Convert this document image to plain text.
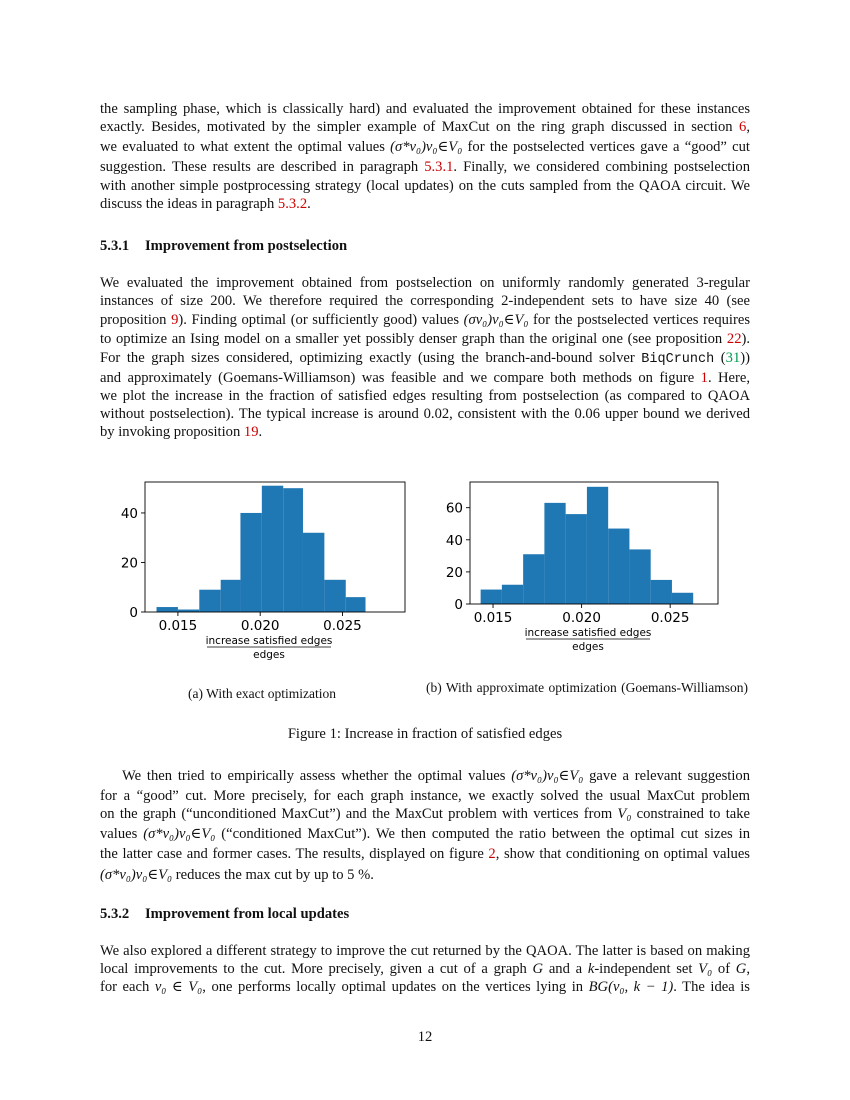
the sampling phase, which is classically hard) and evaluated the improvement obtained for these instances
exactly. Besides, motivated by the simpler example of MaxCut on the ring graph discussed in section 6,
we evaluated to what extent the optimal values (σ*v₀)v₀∈V₀ for the postselected vertices gave a “good” cut
suggestion. These results are described in paragraph 5.3.1. Finally, we considered combining postselection
with another simple postprocessing strategy (local updates) on the cuts sampled from the QAOA circuit. We
discuss the ideas in paragraph 5.3.2.
5.3.1 Improvement from postselection
We evaluated the improvement obtained from postselection on uniformly randomly generated 3-regular
instances of size 200. We therefore required the corresponding 2-independent sets to have size 40 (see
proposition 9). Finding optimal (or sufficiently good) values (σv₀)v₀∈V₀ for the postselected vertices requires
to optimize an Ising model on a smaller yet possibly denser graph than the original one (see proposition 22).
For the graph sizes considered, optimizing exactly (using the branch-and-bound solver BiqCrunch (31))
and approximately (Goemans-Williamson) was feasible and we compare both methods on figure 1. Here,
we plot the increase in the fraction of satisfied edges resulting from postselection (as compared to QAOA
without postselection). The typical increase is around 0.02, consistent with the 0.06 upper bound we derived
by invoking proposition 19.
0
20
40
0.015	0.020	0.025
increase satisfied edges
edges
(a) With exact optimization
0
20
40
60
0.015	0.020	0.025
increase satisfied edges
edges
(b) With approximate optimization (Goemans-Williamson)
Figure 1: Increase in fraction of satisfied edges
We then tried to empirically assess whether the optimal values (σ*v₀)v₀∈V₀ gave a relevant suggestion
for a “good” cut. More precisely, for each graph instance, we exactly solved the usual MaxCut problem
on the graph (“unconditioned MaxCut”) and the MaxCut problem with vertices from V₀ constrained to take
values (σ*v₀)v₀∈V₀ (“conditioned MaxCut”). We then computed the ratio between the optimal cut sizes in
the latter case and former cases. The results, displayed on figure 2, show that conditioning on optimal values
(σ*v₀)v₀∈V₀ reduces the max cut by up to 5 %.
5.3.2 Improvement from local updates
We also explored a different strategy to improve the cut returned by the QAOA. The latter is based on making
local improvements to the cut. More precisely, given a cut of a graph G and a k-independent set V₀ of G,
for each v₀ ∈ V₀, one performs locally optimal updates on the vertices lying in BG(v₀, k − 1). The idea is
12
